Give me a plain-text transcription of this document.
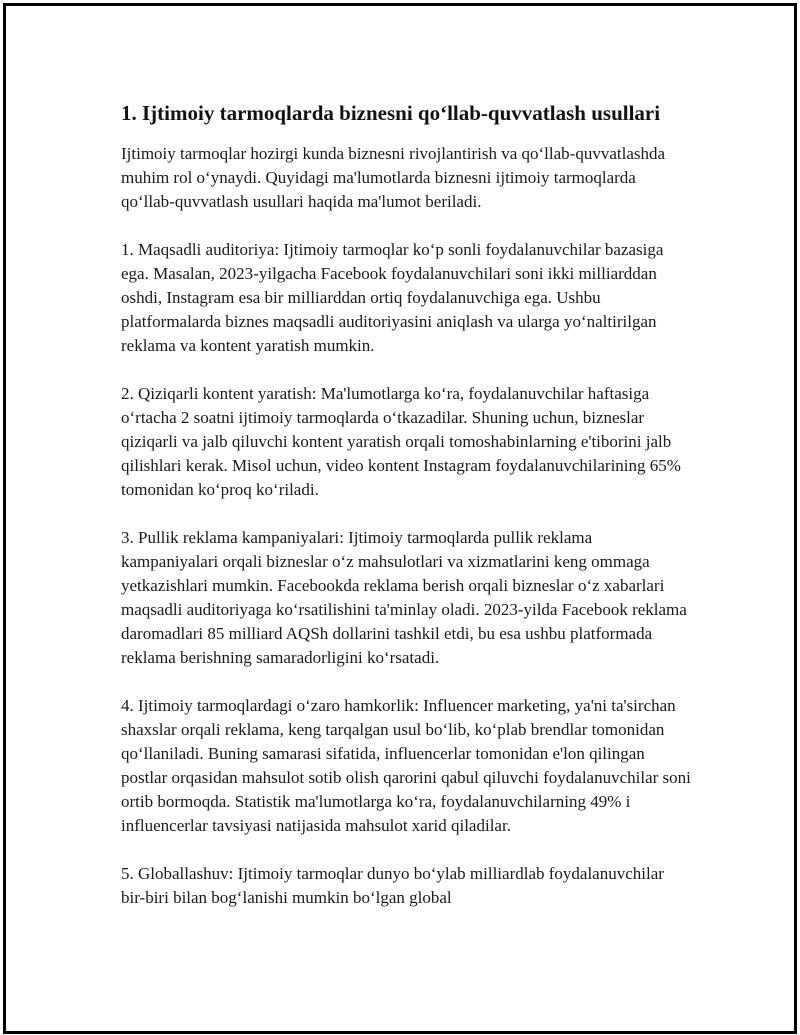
1. Ijtimoiy tarmoqlarda biznesni qo‘llab-quvvatlash usullari

Ijtimoiy tarmoqlar hozirgi kunda biznesni rivojlantirish va qo‘llab-quvvatlashda muhim rol o‘ynaydi. Quyidagi ma'lumotlarda biznesni ijtimoiy tarmoqlarda qo‘llab-quvvatlash usullari haqida ma'lumot beriladi.

1. Maqsadli auditoriya: Ijtimoiy tarmoqlar ko‘p sonli foydalanuvchilar bazasiga ega. Masalan, 2023-yilgacha Facebook foydalanuvchilari soni ikki milliarddan oshdi, Instagram esa bir milliarddan ortiq foydalanuvchiga ega. Ushbu platformalarda biznes maqsadli auditoriyasini aniqlash va ularga yo‘naltirilgan reklama va kontent yaratish mumkin.

2. Qiziqarli kontent yaratish: Ma'lumotlarga ko‘ra, foydalanuvchilar haftasiga o‘rtacha 2 soatni ijtimoiy tarmoqlarda o‘tkazadilar. Shuning uchun, bizneslar qiziqarli va jalb qiluvchi kontent yaratish orqali tomoshabinlarning e'tiborini jalb qilishlari kerak. Misol uchun, video kontent Instagram foydalanuvchilarining 65% tomonidan ko‘proq ko‘riladi.

3. Pullik reklama kampaniyalari: Ijtimoiy tarmoqlarda pullik reklama kampaniyalari orqali bizneslar o‘z mahsulotlari va xizmatlarini keng ommaga yetkazishlari mumkin. Facebookda reklama berish orqali bizneslar o‘z xabarlari maqsadli auditoriyaga ko‘rsatilishini ta'minlay oladi. 2023-yilda Facebook reklama daromadlari 85 milliard AQSh dollarini tashkil etdi, bu esa ushbu platformada reklama berishning samaradorligini ko‘rsatadi.

4. Ijtimoiy tarmoqlardagi o‘zaro hamkorlik: Influencer marketing, ya'ni ta'sirchan shaxslar orqali reklama, keng tarqalgan usul bo‘lib, ko‘plab brendlar tomonidan qo‘llaniladi. Buning samarasi sifatida, influencerlar tomonidan e'lon qilingan postlar orqasidan mahsulot sotib olish qarorini qabul qiluvchi foydalanuvchilar soni ortib bormoqda. Statistik ma'lumotlarga ko‘ra, foydalanuvchilarning 49% i influencerlar tavsiyasi natijasida mahsulot xarid qiladilar.

5. Globallashuv: Ijtimoiy tarmoqlar dunyo bo‘ylab milliardlab foydalanuvchilar bir-biri bilan bog‘lanishi mumkin bo‘lgan global
